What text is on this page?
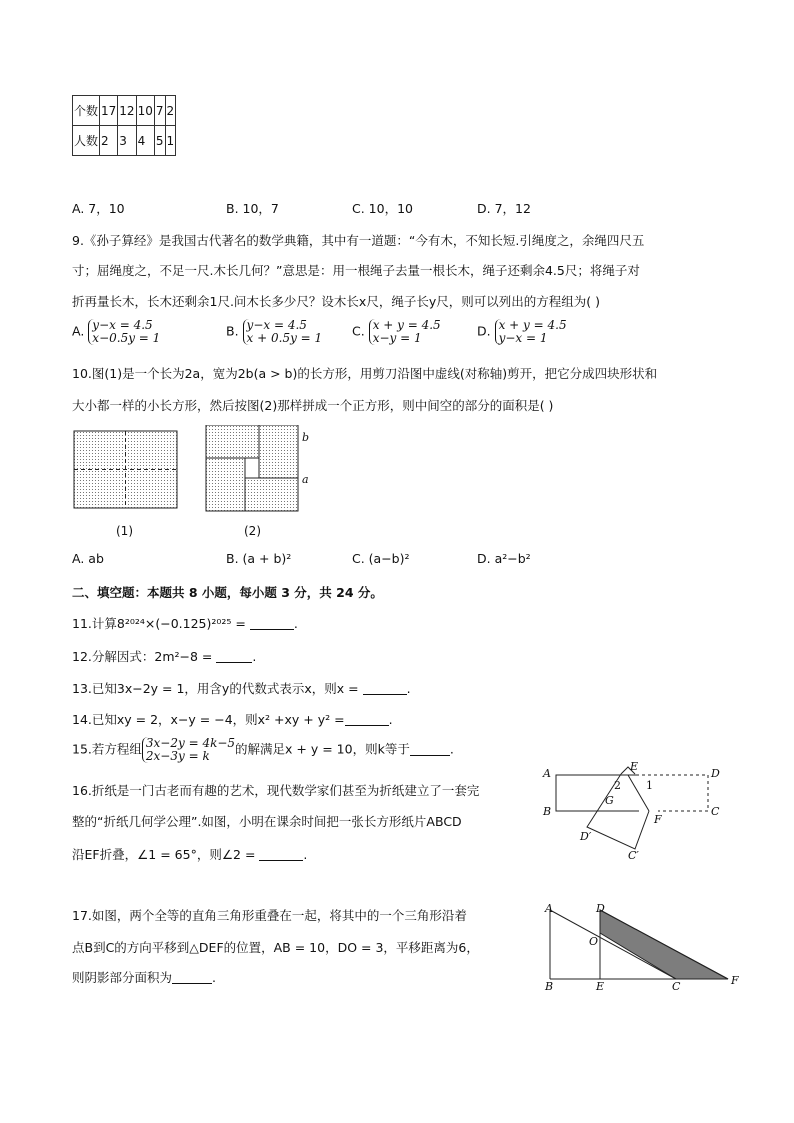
个数	17	12	10	7	2
人数	2	3	4	5	1
A. 7，10	B. 10，7	C. 10，10	D. 7，12
9.《孙子算经》是我国古代著名的数学典籍，其中有一道题：“今有木，不知长短.引绳度之，余绳四尺五
寸；屈绳度之，不足一尺.木长几何？”意思是：用一根绳子去量一根长木，绳子还剩余4.5尺；将绳子对
折再量长木，长木还剩余1尺.问木长多少尺？设木长x尺，绳子长y尺，则可以列出的方程组为( )
A. y−x = 4.5
x−0.5y = 1	B. y−x = 4.5
x + 0.5y = 1 C. x + y = 4.5
x−y = 1	D. x + y = 4.5
y−x = 1
10.图(1)是一个长为2a，宽为2b(a > b)的长方形，用剪刀沿图中虚线(对称轴)剪开，把它分成四块形状和
大小都一样的小长方形，然后按图(2)那样拼成一个正方形，则中间空的部分的面积是( )
b
a
(1)	(2)
A. ab	B. (a + b)²	C. (a−b)²	D. a²−b²
二、填空题：本题共 8 小题，每小题 3 分，共 24 分。
11.计算8²⁰²⁴×(−0.125)²⁰²⁵ =	.
12.分解因式：2m²−8 =	.
13.已知3x−2y = 1，用含y的代数式表示x，则x =	.
14.已知xy = 2，x−y = −4，则x² +xy + y² =	.
15.若方程组 3x−2y = 4k−5
2x−3y = k	的解满足x + y = 10，则k等于	.
16.折纸是一门古老而有趣的艺术，现代数学家们甚至为折纸建立了一套完
整的“折纸几何学公理”.如图，小明在课余时间把一张长方形纸片ABCD
沿EF折叠，∠1 = 65°，则∠2 =	.
A
B	C
D
E
F
G
D′
C′
1
2
17.如图，两个全等的直角三角形重叠在一起，将其中的一个三角形沿着
点B到C的方向平移到△DEF的位置，AB = 10，DO = 3，平移距离为6，
则阴影部分面积为	.
A
B	C
D
E	F
O
